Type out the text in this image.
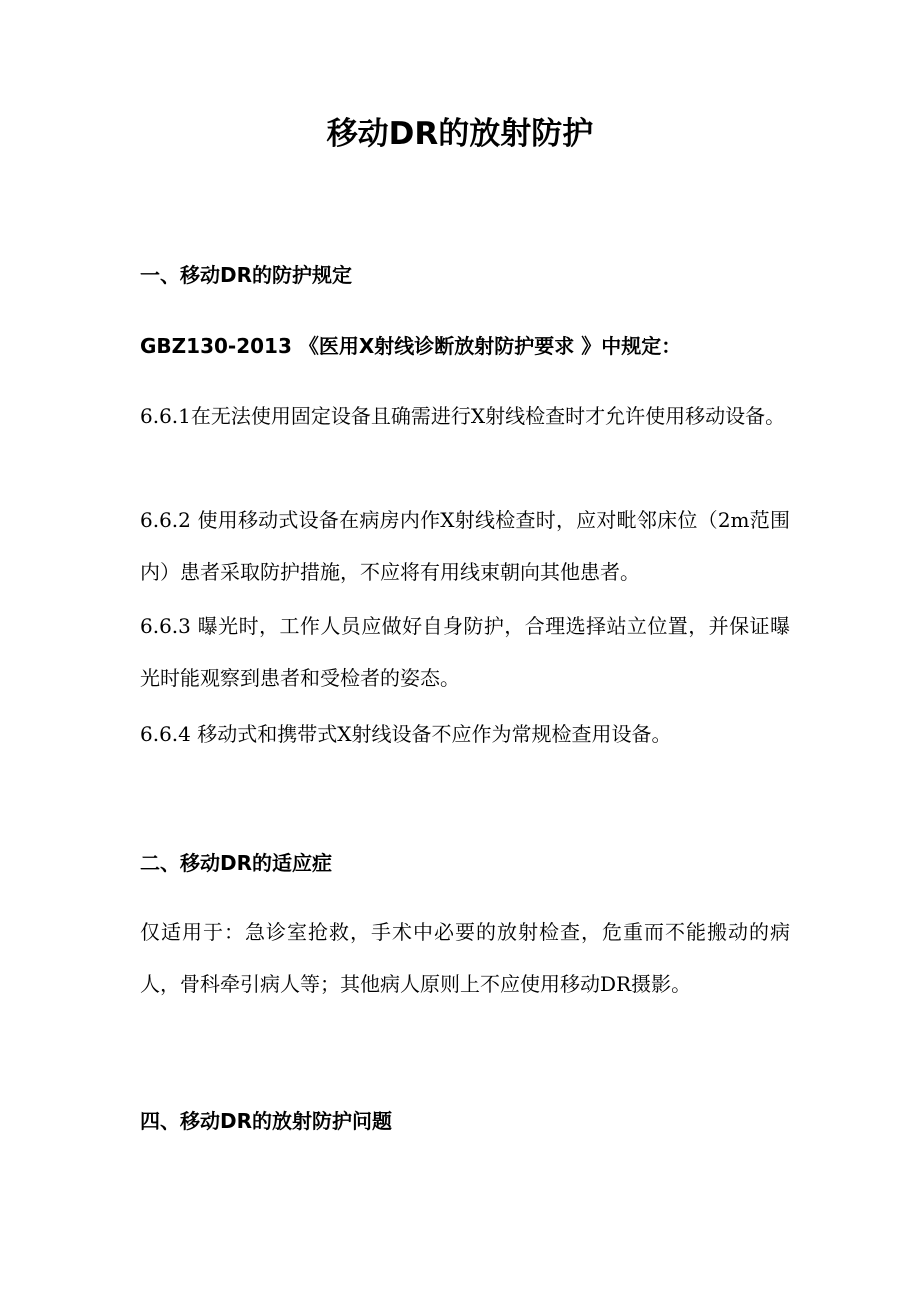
移动DR的放射防护
一、移动DR的防护规定

GBZ130-2013 《医用X射线诊断放射防护要求 》中规定：

6.6.1在无法使用固定设备且确需进行X射线检查时才允许使用移动设备。

6.6.2 使用移动式设备在病房内作X射线检查时，应对毗邻床位（2m范围内）患者采取防护措施，不应将有用线束朝向其他患者。

6.6.3 曝光时，工作人员应做好自身防护，合理选择站立位置，并保证曝光时能观察到患者和受检者的姿态。

6.6.4 移动式和携带式X射线设备不应作为常规检查用设备。

二、移动DR的适应症

仅适用于：急诊室抢救，手术中必要的放射检查，危重而不能搬动的病人，骨科牵引病人等；其他病人原则上不应使用移动DR摄影。

四、移动DR的放射防护问题
